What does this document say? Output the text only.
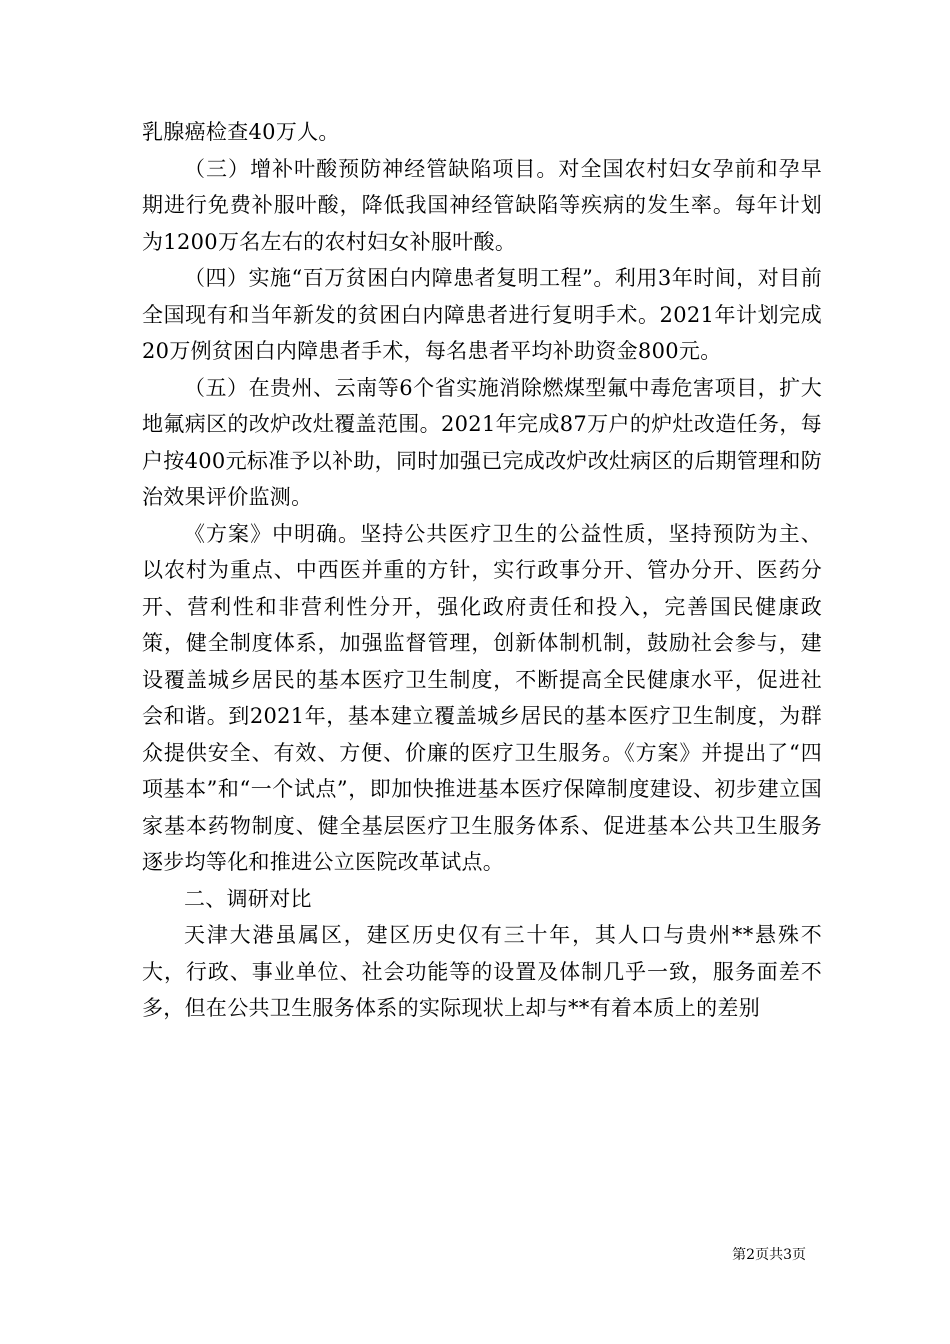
乳腺癌检查40万人。

（三）增补叶酸预防神经管缺陷项目。对全国农村妇女孕前和孕早期进行免费补服叶酸，降低我国神经管缺陷等疾病的发生率。每年计划为1200万名左右的农村妇女补服叶酸。

（四）实施“百万贫困白内障患者复明工程”。利用3年时间，对目前全国现有和当年新发的贫困白内障患者进行复明手术。2021年计划完成20万例贫困白内障患者手术，每名患者平均补助资金800元。

（五）在贵州、云南等6个省实施消除燃煤型氟中毒危害项目，扩大地氟病区的改炉改灶覆盖范围。2021年完成87万户的炉灶改造任务，每户按400元标准予以补助，同时加强已完成改炉改灶病区的后期管理和防治效果评价监测。

《方案》中明确。坚持公共医疗卫生的公益性质，坚持预防为主、以农村为重点、中西医并重的方针，实行政事分开、管办分开、医药分开、营利性和非营利性分开，强化政府责任和投入，完善国民健康政策，健全制度体系，加强监督管理，创新体制机制，鼓励社会参与，建设覆盖城乡居民的基本医疗卫生制度，不断提高全民健康水平，促进社会和谐。到2021年，基本建立覆盖城乡居民的基本医疗卫生制度，为群众提供安全、有效、方便、价廉的医疗卫生服务。《方案》并提出了“四项基本”和“一个试点”，即加快推进基本医疗保障制度建设、初步建立国家基本药物制度、健全基层医疗卫生服务体系、促进基本公共卫生服务逐步均等化和推进公立医院改革试点。

二、调研对比

天津大港虽属区，建区历史仅有三十年，其人口与贵州**悬殊不大，行政、事业单位、社会功能等的设置及体制几乎一致，服务面差不多，但在公共卫生服务体系的实际现状上却与**有着本质上的差别

第2页共3页
